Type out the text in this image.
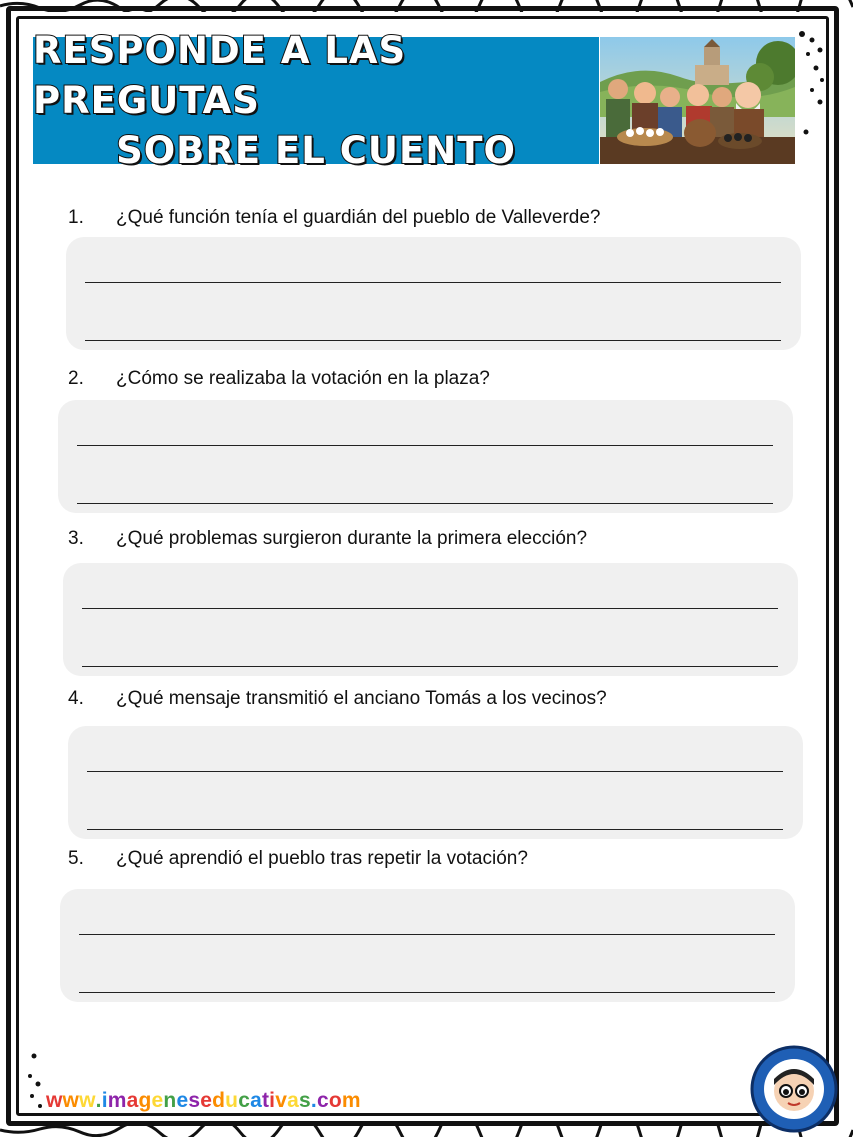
RESPONDE A LAS PREGUTAS
SOBRE EL CUENTO
1. ¿Qué función tenía el guardián del pueblo de Valleverde?
2. ¿Cómo se realizaba la votación en la plaza?
3. ¿Qué problemas surgieron durante la primera elección?
4. ¿Qué mensaje transmitió el anciano Tomás a los vecinos?
5. ¿Qué aprendió el pueblo tras repetir la votación?
www.imageneseducativas.com
